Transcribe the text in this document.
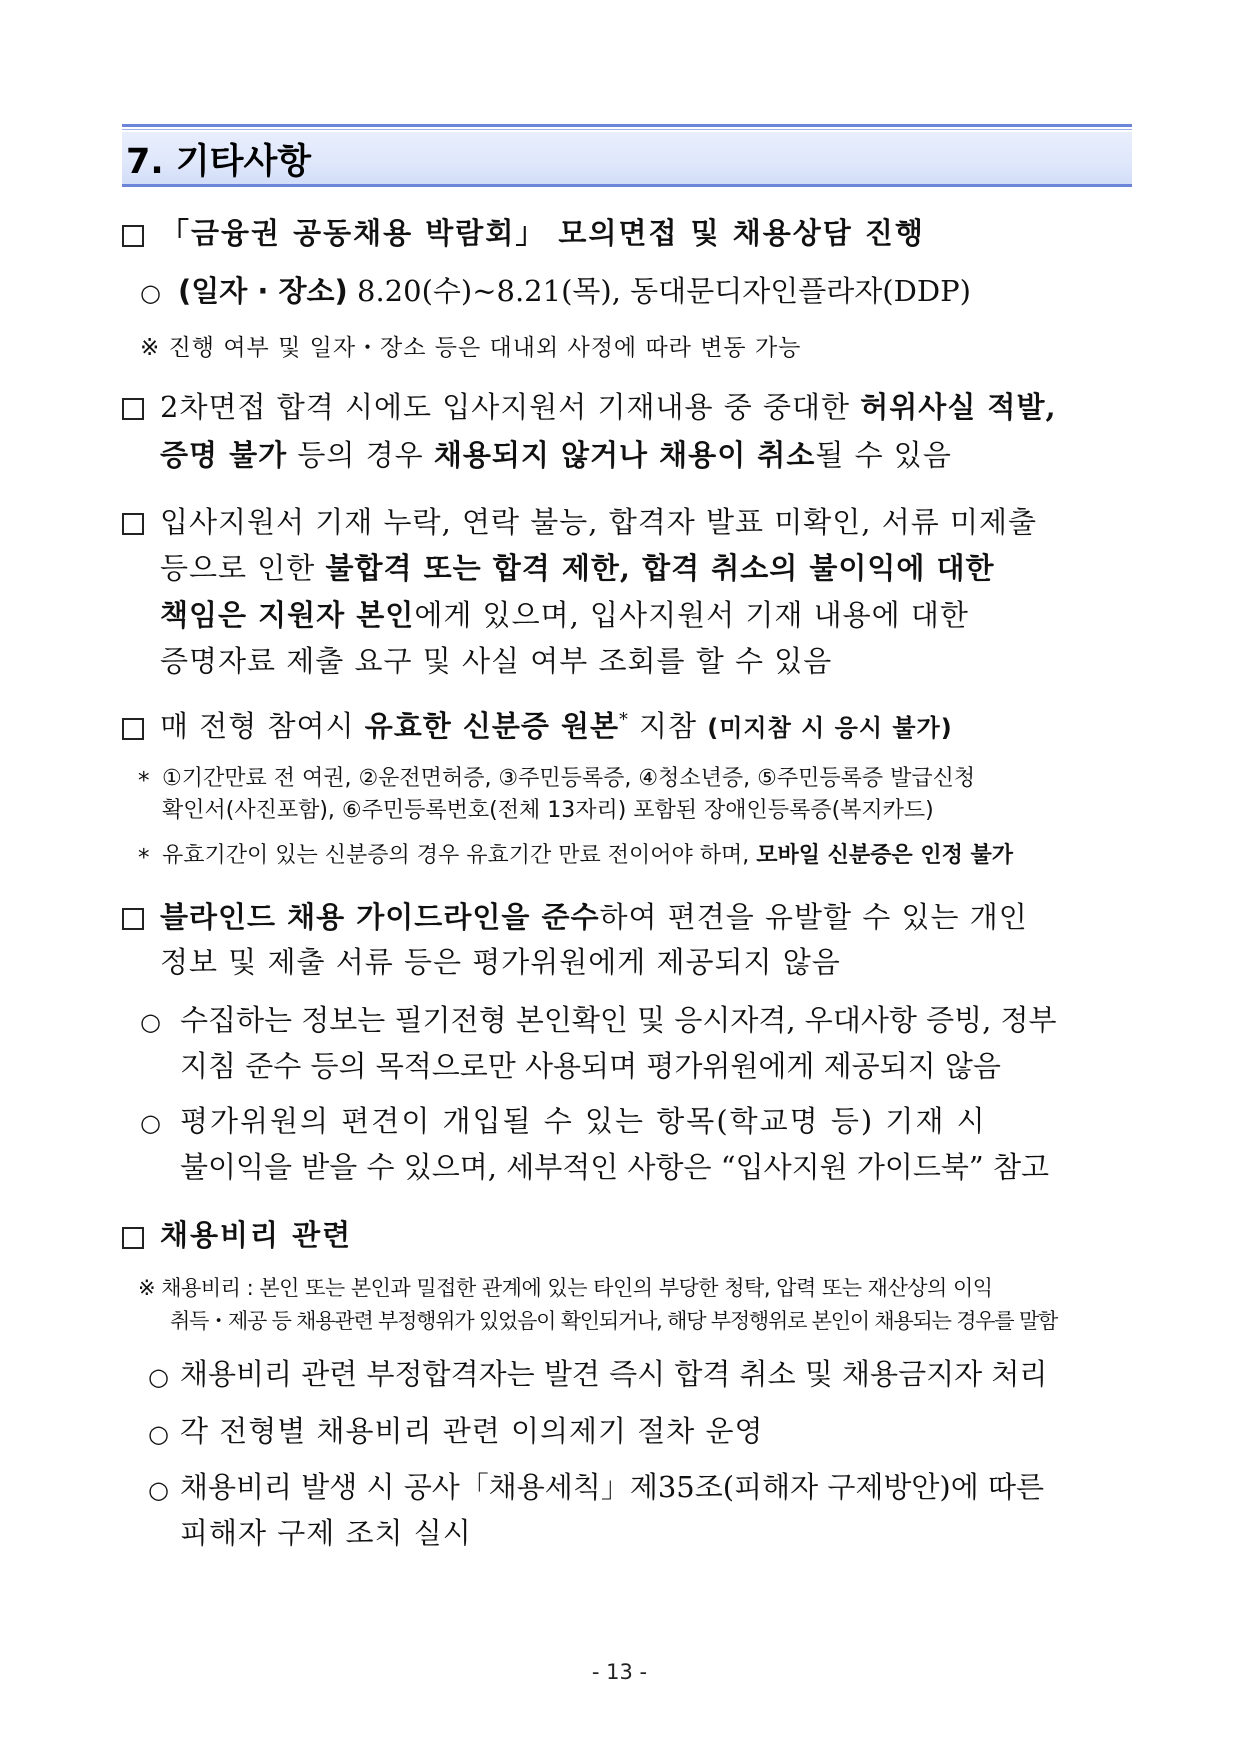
7. 기타사항
「금융권 공동채용 박람회」 모의면접 및 채용상담 진행
○ (일자 · 장소) 8.20(수)~8.21(목), 동대문디자인플라자(DDP)
※ 진행 여부 및 일자・장소 등은 대내외 사정에 따라 변동 가능
2차면접 합격 시에도 입사지원서 기재내용 중 중대한 허위사실 적발,
증명 불가 등의 경우 채용되지 않거나 채용이 취소될 수 있음
입사지원서 기재 누락, 연락 불능, 합격자 발표 미확인, 서류 미제출
등으로 인한 불합격 또는 합격 제한, 합격 취소의 불이익에 대한
책임은 지원자 본인에게 있으며, 입사지원서 기재 내용에 대한
증명자료 제출 요구 및 사실 여부 조회를 할 수 있음
매 전형 참여시 유효한 신분증 원본* 지참 (미지참 시 응시 불가)
* ①기간만료 전 여권, ②운전면허증, ③주민등록증, ④청소년증, ⑤주민등록증 발급신청
확인서(사진포함), ⑥주민등록번호(전체 13자리) 포함된 장애인등록증(복지카드)
* 유효기간이 있는 신분증의 경우 유효기간 만료 전이어야 하며, 모바일 신분증은 인정 불가
블라인드 채용 가이드라인을 준수하여 편견을 유발할 수 있는 개인
정보 및 제출 서류 등은 평가위원에게 제공되지 않음
○ 수집하는 정보는 필기전형 본인확인 및 응시자격, 우대사항 증빙, 정부
지침 준수 등의 목적으로만 사용되며 평가위원에게 제공되지 않음
○ 평가위원의 편견이 개입될 수 있는 항목(학교명 등) 기재 시
불이익을 받을 수 있으며, 세부적인 사항은 “입사지원 가이드북” 참고
채용비리 관련
※ 채용비리 : 본인 또는 본인과 밀접한 관계에 있는 타인의 부당한 청탁, 압력 또는 재산상의 이익
취득・제공 등 채용관련 부정행위가 있었음이 확인되거나, 해당 부정행위로 본인이 채용되는 경우를 말함
○ 채용비리 관련 부정합격자는 발견 즉시 합격 취소 및 채용금지자 처리
○ 각 전형별 채용비리 관련 이의제기 절차 운영
○ 채용비리 발생 시 공사「채용세칙」제35조(피해자 구제방안)에 따른
피해자 구제 조치 실시
- 13 -
